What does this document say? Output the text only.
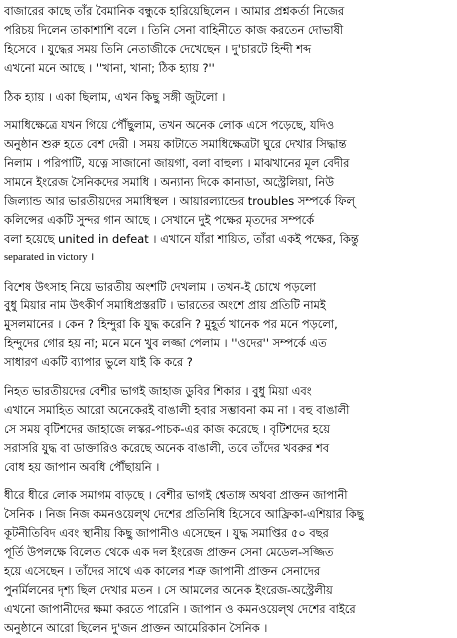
বাজারের কাছে তাঁর বৈমানিক বন্ধুকে হারিয়েছিলেন । আমার প্রশ্নকর্তা নিজের
পরিচয় দিলেন তাকাশাশি বলে । তিনি সেনা বাহিনীতে কাজ করতেন দোভাষী
হিসেবে । যুদ্ধের সময় তিনি নেতাজীকে দেখেছেন । দু'চারটে হিন্দী শব্দ
এখনো মনে আছে । ''খানা, খানা; ঠিক হ্যায় ?''
ঠিক হ্যায় । একা ছিলাম, এখন কিছু সঙ্গী জুটলো ।
সমাধিক্ষেত্রে যখন গিয়ে পৌঁছুলাম, তখন অনেক লোক এসে পড়েছে, যদিও
অনুষ্ঠান শুরু হতে বেশ দেরী । সময় কাটাতে সমাধিক্ষেত্রটা ঘুরে দেখার সিদ্ধান্ত
নিলাম । পরিপাটি, যত্নে সাজানো জায়গা, বলা বাহুল্য । মাঝখানের মূল বেদীর
সামনে ইংরেজ সৈনিকদের সমাধি । অন্যান্য দিকে কানাডা, অস্ট্রেলিয়া, নিউ
জিল্যান্ড আর ভারতীয়দের সমাধিস্থল । আয়ারল্যান্ডের troubles সম্পর্কে ফিল্
কলিন্সের একটি সুন্দর গান আছে । সেখানে দুই পক্ষের মৃতদের সম্পর্কে
বলা হয়েছে united in defeat । এখানে যাঁরা শায়িত, তাঁরা একই পক্ষের, কিন্তু
separated in victory ।
বিশেষ উৎসাহ নিয়ে ভারতীয় অংশটি দেখলাম । তখন-ই চোখে পড়লো
বুধু মিয়ার নাম উৎকীর্ণ সমাধিপ্রস্তরটি । ভারতের অংশে প্রায় প্রতিটি নামই
মুসলমানের । কেন ? হিন্দুরা কি যুদ্ধ করেনি ? মুহূর্ত খানেক পর মনে পড়লো,
হিন্দুদের গোর হয় না; মনে মনে খুব লজ্জা পেলাম । ''ওদের'' সম্পর্কে এত
সাধারণ একটি ব্যাপার ভুলে যাই কি করে ?
নিহত ভারতীয়দের বেশীর ভাগই জাহাজ ডুবির শিকার । বুধু মিয়া এবং
এখানে সমাহিত আরো অনেকেরই বাঙালী হবার সম্ভাবনা কম না । বহু বাঙালী
সে সময় বৃটিশদের জাহাজে লস্কর-পাচক-এর কাজ করেছে । বৃটিশদের হয়ে
সরাসরি যুদ্ধ বা ডাক্তারিও করেছে অনেক বাঙালী, তবে তাঁদের খবরুর শব
বোধ হয় জাপান অবধি পৌঁছায়নি ।
ধীরে ধীরে লোক সমাগম বাড়ছে । বেশীর ভাগই শ্বেতাঙ্গ অথবা প্রাক্তন জাপানী
সৈনিক । নিজ নিজ কমনওয়েল্থ দেশের প্রতিনিধি হিসেবে আফ্রিকা-এশিয়ার কিছু
কূটনীতিবিদ এবং স্থানীয় কিছু জাপানীও এসেছেন । যুদ্ধ সমাপ্তির ৫০ বছর
পূর্তি উপলক্ষে বিলেত থেকে এক দল ইংরেজ প্রাক্তন সেনা মেডেল-সজ্জিত
হয়ে এসেছেন । তাঁদের সাথে এক কালের শত্রু জাপানী প্রাক্তন সেনাদের
পুনর্মিলনের দৃশ্য ছিল দেখার মতন । সে আমলের অনেক ইংরেজ-অস্ট্রেলীয়
এখনো জাপানীদের ক্ষমা করতে পারেনি । জাপান ও কমনওয়েল্থ দেশের বাইরে
অনুষ্ঠানে আরো ছিলেন দু'জন প্রাক্তন আমেরিকান সৈনিক ।
